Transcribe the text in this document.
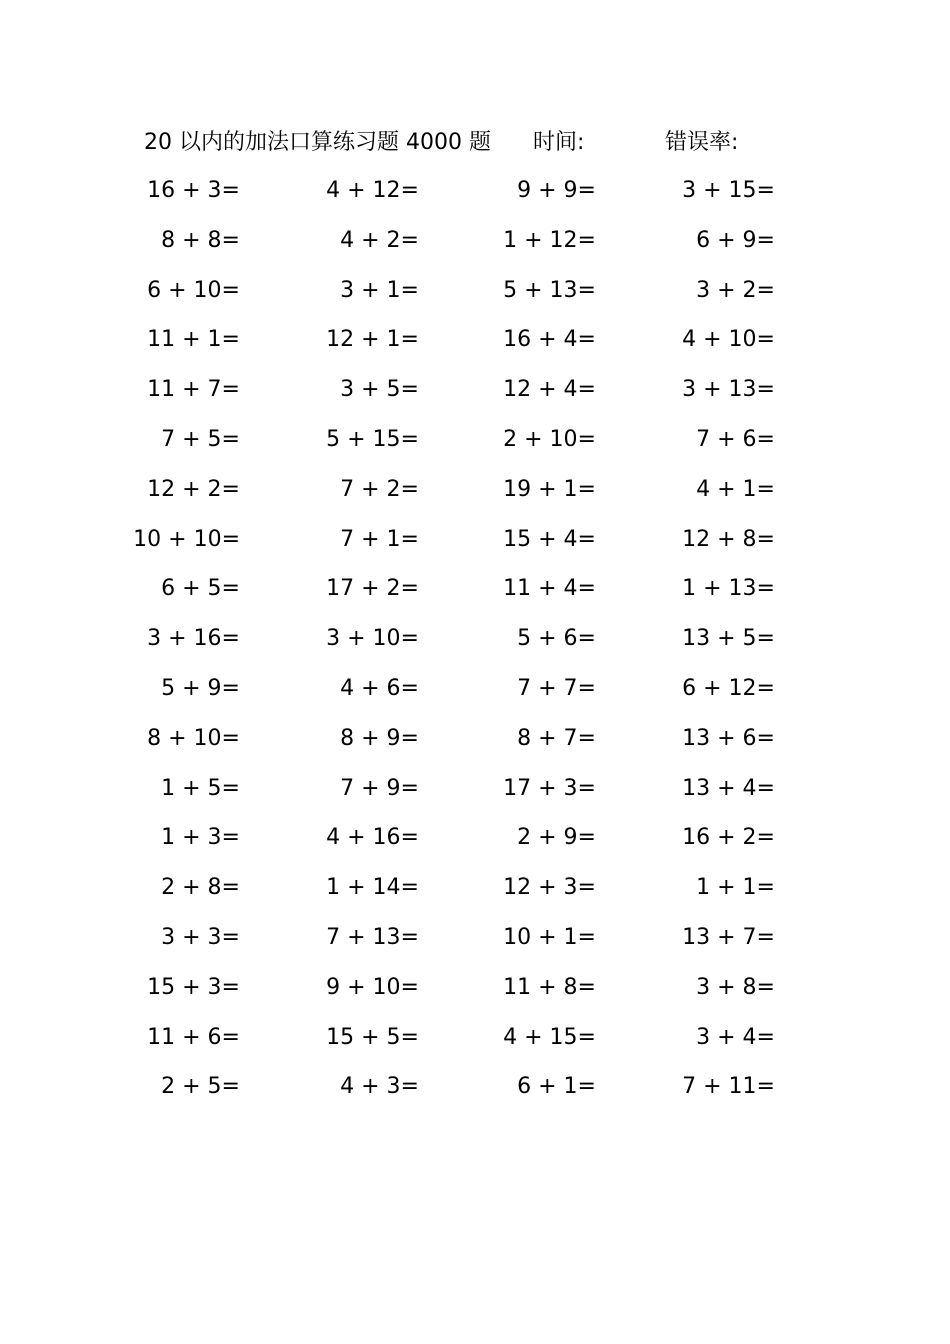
20 以内的加法口算练习题 4000 题 时间:	错误率:
16 + 3=	4 + 12=	9 + 9=	3 + 15=
8 + 8=	4 + 2=	1 + 12=	6 + 9=
6 + 10=	3 + 1=	5 + 13=	3 + 2=
11 + 1=	12 + 1=	16 + 4=	4 + 10=
11 + 7=	3 + 5=	12 + 4=	3 + 13=
7 + 5=	5 + 15=	2 + 10=	7 + 6=
12 + 2=	7 + 2=	19 + 1=	4 + 1=
10 + 10=	7 + 1=	15 + 4=	12 + 8=
6 + 5=	17 + 2=	11 + 4=	1 + 13=
3 + 16=	3 + 10=	5 + 6=	13 + 5=
5 + 9=	4 + 6=	7 + 7=	6 + 12=
8 + 10=	8 + 9=	8 + 7=	13 + 6=
1 + 5=	7 + 9=	17 + 3=	13 + 4=
1 + 3=	4 + 16=	2 + 9=	16 + 2=
2 + 8=	1 + 14=	12 + 3=	1 + 1=
3 + 3=	7 + 13=	10 + 1=	13 + 7=
15 + 3=	9 + 10=	11 + 8=	3 + 8=
11 + 6=	15 + 5=	4 + 15=	3 + 4=
2 + 5=	4 + 3=	6 + 1=	7 + 11=
